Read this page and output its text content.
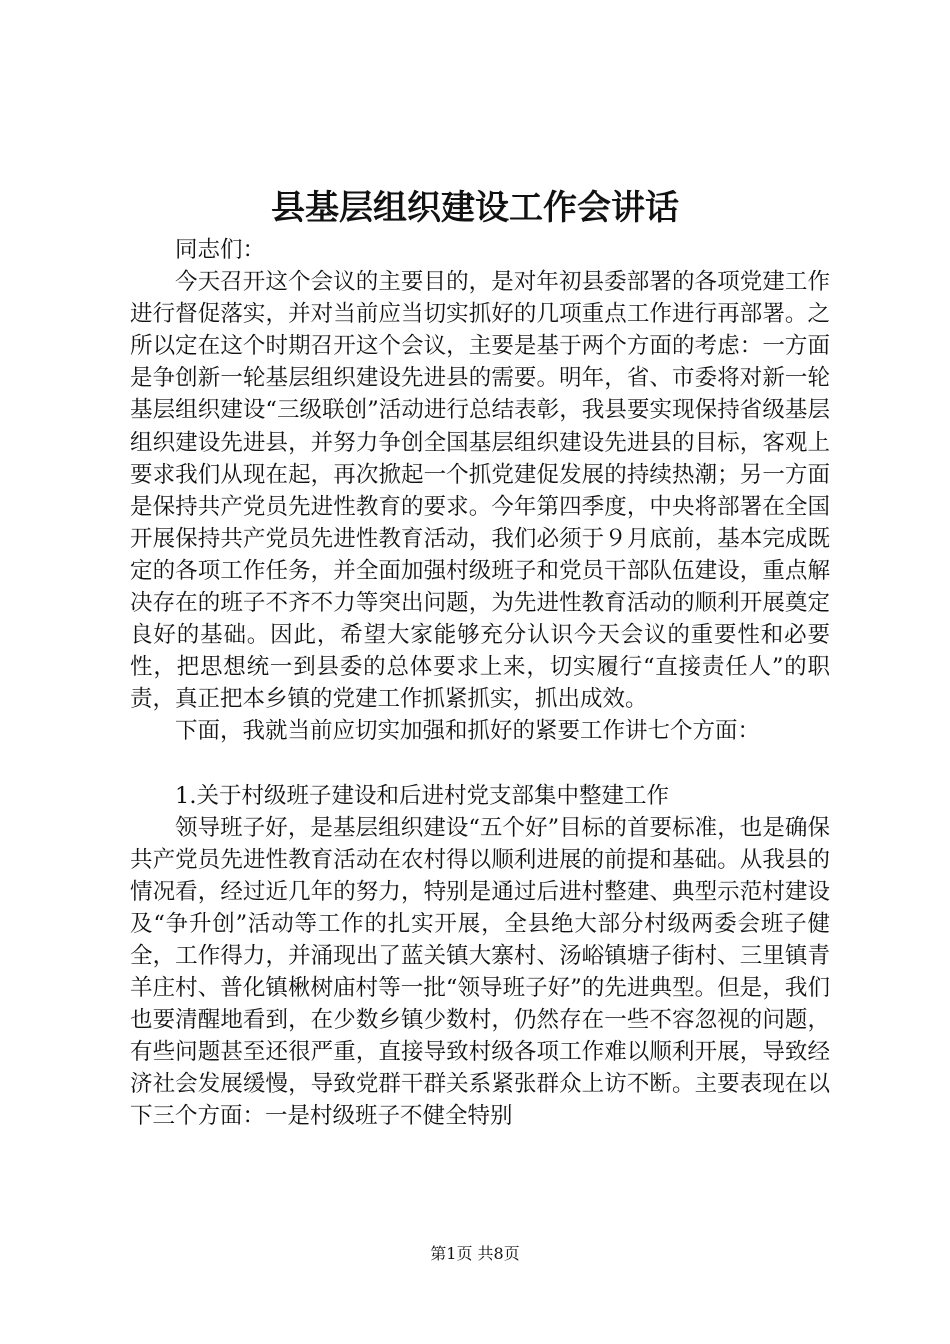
县基层组织建设工作会讲话

同志们：

今天召开这个会议的主要目的，是对年初县委部署的各项党建工作进行督促落实，并对当前应当切实抓好的几项重点工作进行再部署。之所以定在这个时期召开这个会议，主要是基于两个方面的考虑：一方面是争创新一轮基层组织建设先进县的需要。明年，省、市委将对新一轮基层组织建设“三级联创”活动进行总结表彰，我县要实现保持省级基层组织建设先进县，并努力争创全国基层组织建设先进县的目标，客观上要求我们从现在起，再次掀起一个抓党建促发展的持续热潮；另一方面是保持共产党员先进性教育的要求。今年第四季度，中央将部署在全国开展保持共产党员先进性教育活动，我们必须于９月底前，基本完成既定的各项工作任务，并全面加强村级班子和党员干部队伍建设，重点解决存在的班子不齐不力等突出问题，为先进性教育活动的顺利开展奠定良好的基础。因此，希望大家能够充分认识今天会议的重要性和必要性，把思想统一到县委的总体要求上来，切实履行“直接责任人”的职责，真正把本乡镇的党建工作抓紧抓实，抓出成效。

下面，我就当前应切实加强和抓好的紧要工作讲七个方面：

1.关于村级班子建设和后进村党支部集中整建工作

领导班子好，是基层组织建设“五个好”目标的首要标准，也是确保共产党员先进性教育活动在农村得以顺利进展的前提和基础。从我县的情况看，经过近几年的努力，特别是通过后进村整建、典型示范村建设及“争升创”活动等工作的扎实开展，全县绝大部分村级两委会班子健全，工作得力，并涌现出了蓝关镇大寨村、汤峪镇塘子街村、三里镇青羊庄村、普化镇楸树庙村等一批“领导班子好”的先进典型。但是，我们也要清醒地看到，在少数乡镇少数村，仍然存在一些不容忽视的问题，有些问题甚至还很严重，直接导致村级各项工作难以顺利开展，导致经济社会发展缓慢，导致党群干群关系紧张群众上访不断。主要表现在以下三个方面：一是村级班子不健全特别

第1页 共8页
